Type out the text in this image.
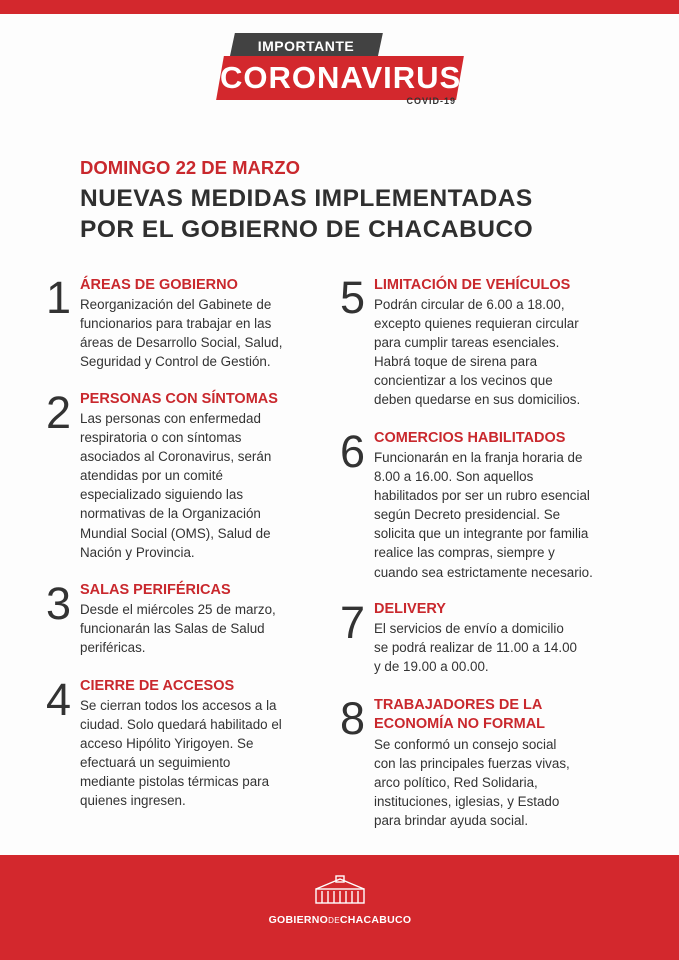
IMPORTANTE
CORONAVIRUS
COVID-19
DOMINGO 22 DE MARZO
NUEVAS MEDIDAS IMPLEMENTADAS
POR EL GOBIERNO DE CHACABUCO
1 ÁREAS DE GOBIERNO
Reorganización del Gabinete de
funcionarios para trabajar en las
áreas de Desarrollo Social, Salud,
Seguridad y Control de Gestión.
2 PERSONAS CON SÍNTOMAS
Las personas con enfermedad
respiratoria o con síntomas
asociados al Coronavirus, serán
atendidas por un comité
especializado siguiendo las
normativas de la Organización
Mundial Social (OMS), Salud de
Nación y Provincia.
3 SALAS PERIFÉRICAS
Desde el miércoles 25 de marzo,
funcionarán las Salas de Salud
periféricas.
4 CIERRE DE ACCESOS
Se cierran todos los accesos a la
ciudad. Solo quedará habilitado el
acceso Hipólito Yirigoyen. Se
efectuará un seguimiento
mediante pistolas térmicas para
quienes ingresen.
5 LIMITACIÓN DE VEHÍCULOS
Podrán circular de 6.00 a 18.00,
excepto quienes requieran circular
para cumplir tareas esenciales.
Habrá toque de sirena para
concientizar a los vecinos que
deben quedarse en sus domicilios.
6 COMERCIOS HABILITADOS
Funcionarán en la franja horaria de
8.00 a 16.00. Son aquellos
habilitados por ser un rubro esencial
según Decreto presidencial. Se
solicita que un integrante por familia
realice las compras, siempre y
cuando sea estrictamente necesario.
7 DELIVERY
El servicios de envío a domicilio
se podrá realizar de 11.00 a 14.00
y de 19.00 a 00.00.
8 TRABAJADORES DE LA
ECONOMÍA NO FORMAL
Se conformó un consejo social
con las principales fuerzas vivas,
arco político, Red Solidaria,
instituciones, iglesias, y Estado
para brindar ayuda social.
GOBIERNODECHACABUCO
